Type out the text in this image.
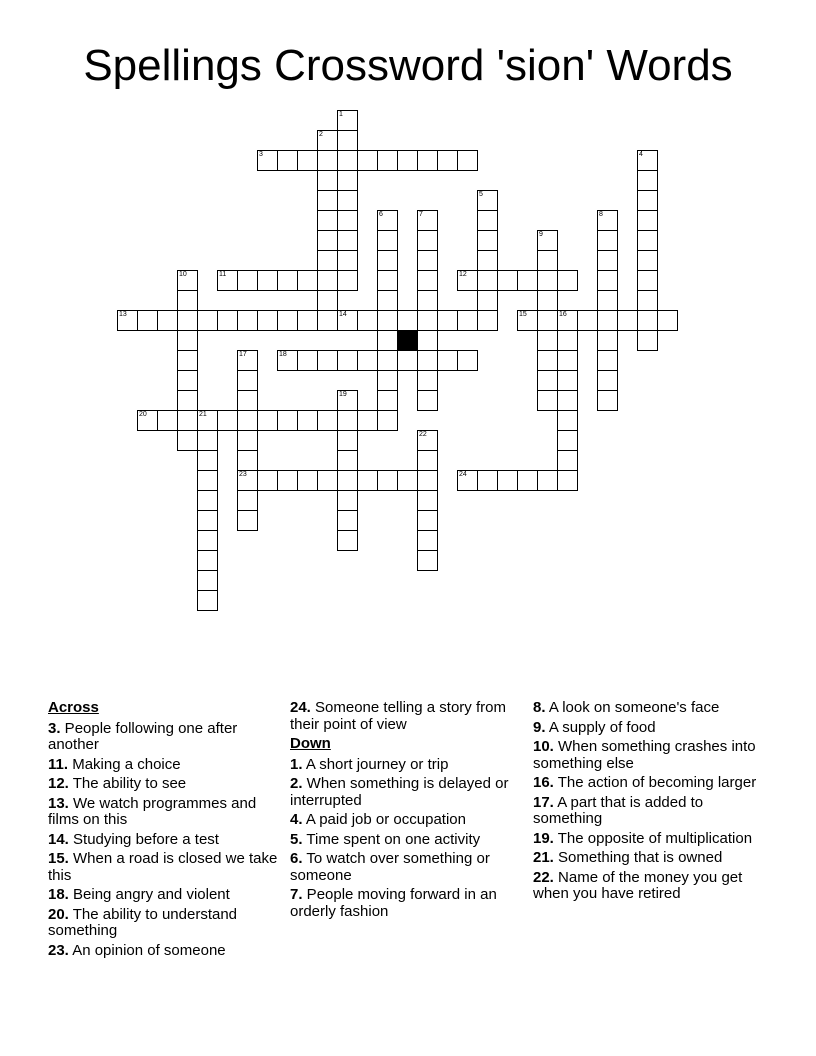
Spellings Crossword 'sion' Words
1
2
3	4
5
6	7	8
9
10	11	12
13	14	15	16
17	18
19
20	21
22
23	24
Across
3. People following one after another
11. Making a choice
12. The ability to see
13. We watch programmes and films on this
14. Studying before a test
15. When a road is closed we take this
18. Being angry and violent
20. The ability to understand something
23. An opinion of someone
24. Someone telling a story from their point of view
Down
1. A short journey or trip
2. When something is delayed or interrupted
4. A paid job or occupation
5. Time spent on one activity
6. To watch over something or someone
7. People moving forward in an orderly fashion
8. A look on someone's face
9. A supply of food
10. When something crashes into something else
16. The action of becoming larger
17. A part that is added to something
19. The opposite of multiplication
21. Something that is owned
22. Name of the money you get when you have retired
